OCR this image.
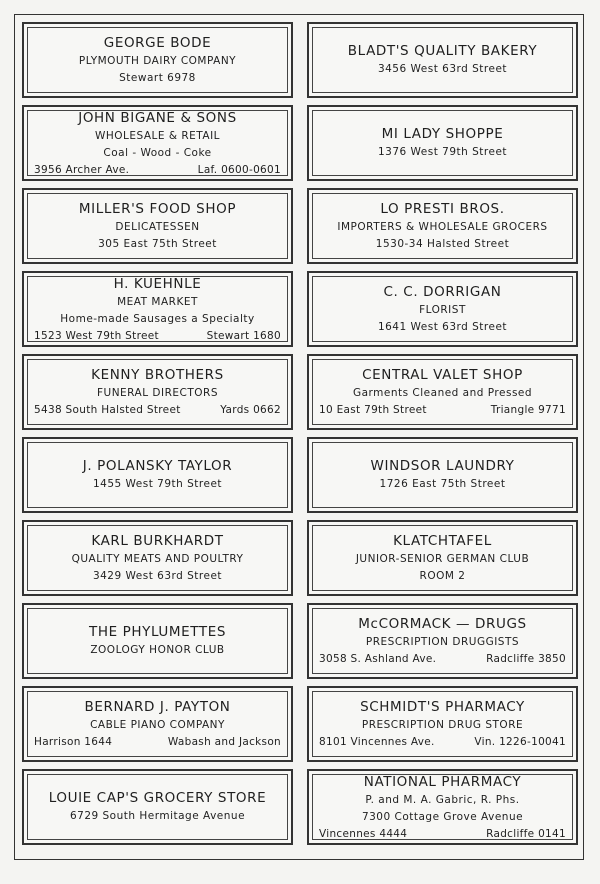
GEORGE BODE
PLYMOUTH DAIRY COMPANY
Stewart 6978
BLADT'S QUALITY BAKERY
3456 West 63rd Street
JOHN BIGANE & SONS
WHOLESALE & RETAIL
Coal - Wood - Coke
3956 Archer Ave.	Laf. 0600-0601
MI LADY SHOPPE
1376 West 79th Street
MILLER'S FOOD SHOP
DELICATESSEN
305 East 75th Street
LO PRESTI BROS.
IMPORTERS & WHOLESALE GROCERS
1530-34 Halsted Street
H. KUEHNLE
MEAT MARKET
Home-made Sausages a Specialty
1523 West 79th Street	Stewart 1680
C. C. DORRIGAN
FLORIST
1641 West 63rd Street
KENNY BROTHERS
FUNERAL DIRECTORS
5438 South Halsted Street	Yards 0662
CENTRAL VALET SHOP
Garments Cleaned and Pressed
10 East 79th Street	Triangle 9771
J. POLANSKY TAYLOR
1455 West 79th Street
WINDSOR LAUNDRY
1726 East 75th Street
KARL BURKHARDT
QUALITY MEATS AND POULTRY
3429 West 63rd Street
KLATCHTAFEL
JUNIOR-SENIOR GERMAN CLUB
ROOM 2
THE PHYLUMETTES
ZOOLOGY HONOR CLUB
McCORMACK — DRUGS
PRESCRIPTION DRUGGISTS
3058 S. Ashland Ave.	Radcliffe 3850
BERNARD J. PAYTON
CABLE PIANO COMPANY
Harrison 1644	Wabash and Jackson
SCHMIDT'S PHARMACY
PRESCRIPTION DRUG STORE
8101 Vincennes Ave.	Vin. 1226-10041
LOUIE CAP'S GROCERY STORE
6729 South Hermitage Avenue
NATIONAL PHARMACY
P. and M. A. Gabric, R. Phs.
7300 Cottage Grove Avenue
Vincennes 4444	Radcliffe 0141
